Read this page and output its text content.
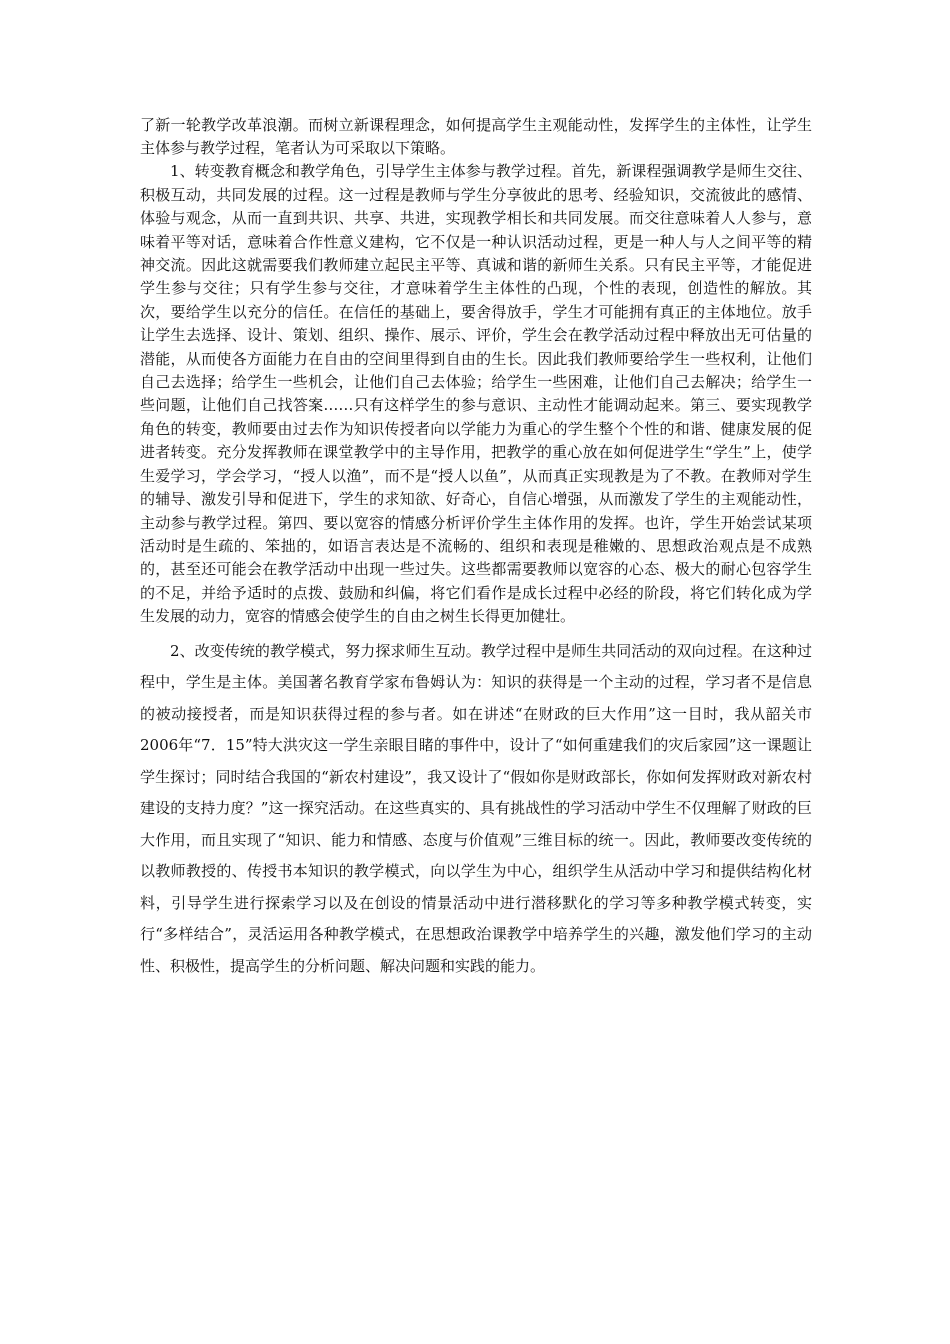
了新一轮教学改革浪潮。而树立新课程理念，如何提高学生主观能动性，发挥学生的主体性，让学生主体参与教学过程，笔者认为可采取以下策略。

1、转变教育概念和教学角色，引导学生主体参与教学过程。首先，新课程强调教学是师生交往、积极互动，共同发展的过程。这一过程是教师与学生分享彼此的思考、经验知识，交流彼此的感情、体验与观念，从而一直到共识、共享、共进，实现教学相长和共同发展。而交往意味着人人参与，意味着平等对话，意味着合作性意义建构，它不仅是一种认识活动过程，更是一种人与人之间平等的精神交流。因此这就需要我们教师建立起民主平等、真诚和谐的新师生关系。只有民主平等，才能促进学生参与交往；只有学生参与交往，才意味着学生主体性的凸现，个性的表现，创造性的解放。其次，要给学生以充分的信任。在信任的基础上，要舍得放手，学生才可能拥有真正的主体地位。放手让学生去选择、设计、策划、组织、操作、展示、评价，学生会在教学活动过程中释放出无可估量的潜能，从而使各方面能力在自由的空间里得到自由的生长。因此我们教师要给学生一些权利，让他们自己去选择；给学生一些机会，让他们自己去体验；给学生一些困难，让他们自己去解决；给学生一些问题，让他们自己找答案……只有这样学生的参与意识、主动性才能调动起来。第三、要实现教学角色的转变，教师要由过去作为知识传授者向以学能力为重心的学生整个个性的和谐、健康发展的促进者转变。充分发挥教师在课堂教学中的主导作用，把教学的重心放在如何促进学生“学生”上，使学生爱学习，学会学习，“授人以渔”，而不是“授人以鱼”，从而真正实现教是为了不教。在教师对学生的辅导、激发引导和促进下，学生的求知欲、好奇心，自信心增强，从而激发了学生的主观能动性，主动参与教学过程。第四、要以宽容的情感分析评价学生主体作用的发挥。也许，学生开始尝试某项活动时是生疏的、笨拙的，如语言表达是不流畅的、组织和表现是稚嫩的、思想政治观点是不成熟的，甚至还可能会在教学活动中出现一些过失。这些都需要教师以宽容的心态、极大的耐心包容学生的不足，并给予适时的点拨、鼓励和纠偏，将它们看作是成长过程中必经的阶段，将它们转化成为学生发展的动力，宽容的情感会使学生的自由之树生长得更加健壮。

2、改变传统的教学模式，努力探求师生互动。教学过程中是师生共同活动的双向过程。在这种过程中，学生是主体。美国著名教育学家布鲁姆认为：知识的获得是一个主动的过程，学习者不是信息的被动接授者，而是知识获得过程的参与者。如在讲述“在财政的巨大作用”这一目时，我从韶关市2006年“7．15”特大洪灾这一学生亲眼目睹的事件中，设计了“如何重建我们的灾后家园”这一课题让学生探讨；同时结合我国的“新农村建设”，我又设计了“假如你是财政部长，你如何发挥财政对新农村建设的支持力度？”这一探究活动。在这些真实的、具有挑战性的学习活动中学生不仅理解了财政的巨大作用，而且实现了“知识、能力和情感、态度与价值观”三维目标的统一。因此，教师要改变传统的以教师教授的、传授书本知识的教学模式，向以学生为中心，组织学生从活动中学习和提供结构化材料，引导学生进行探索学习以及在创设的情景活动中进行潜移默化的学习等多种教学模式转变，实行“多样结合”，灵活运用各种教学模式，在思想政治课教学中培养学生的兴趣，激发他们学习的主动性、积极性，提高学生的分析问题、解决问题和实践的能力。
